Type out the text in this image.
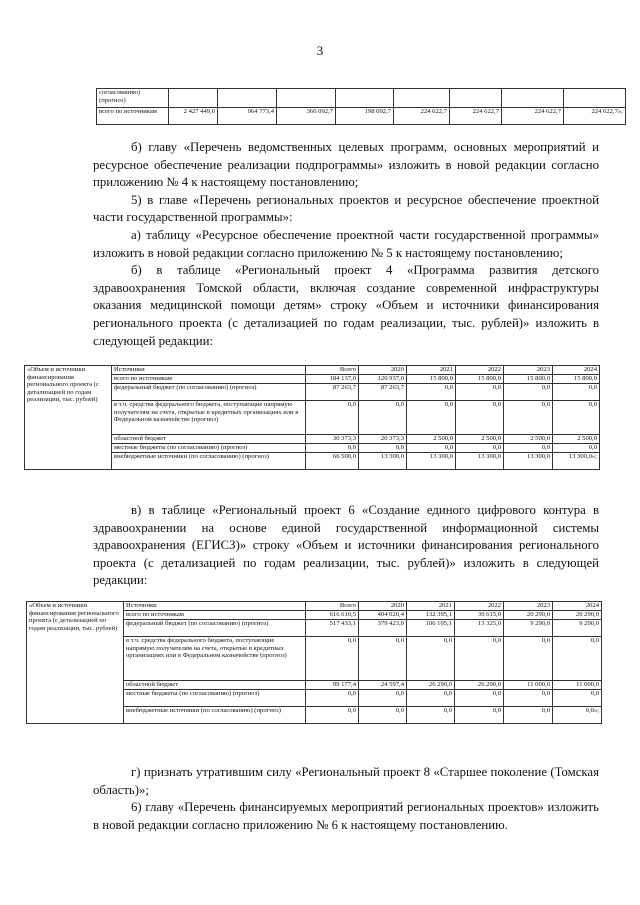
3
согласованию) (прогноз)								
всего по источникам	2 427 449,6	964 773,4	366 092,7	198 092,7	224 622,7	224 622,7	224 622,7	224 622,7»;

б) главу «Перечень ведомственных целевых программ, основных мероприятий и ресурсное обеспечение реализации подпрограммы» изложить в новой редакции согласно приложению № 4 к настоящему постановлению;

5) в главе «Перечень региональных проектов и ресурсное обеспечение проектной части государственной программы»:

а) таблицу «Ресурсное обеспечение проектной части государственной программы» изложить в новой редакции согласно приложению № 5 к настоящему постановлению;

б) в таблице «Региональный проект 4 «Программа развития детского здравоохранения Томской области, включая создание современной инфраструктуры оказания медицинской помощи детям» строку «Объем и источники финансирования регионального проекта (с детализацией по годам реализации, тыс. рублей)» изложить в следующей редакции:

«Объем и источники финансирования регионального проекта (с детализацией по годам реализации, тыс. рублей)	Источники	Всего	2020	2021	2022	2023	2024
	всего по источникам	184 137,0	120 937,0	15 800,0	15 800,0	15 800,0	15 800,0
	федеральный бюджет (по согласованию) (прогноз)	87 263,7	87 263,7	0,0	0,0	0,0	0,0
	в т.ч. средства федерального бюджета, поступающие напрямую получателям на счета, открытые в кредитных организациях или в Федеральном казначействе (прогноз)	0,0	0,0	0,0	0,0	0,0	0,0
	областной бюджет	30 373,3	20 373,3	2 500,0	2 500,0	2 500,0	2 500,0
	местные бюджеты (по согласованию) (прогноз)	0,0	0,0	0,0	0,0	0,0	0,0
	внебюджетные источники (по согласованию) (прогноз)	66 500,0	13 300,0	13 300,0	13 300,0	13 300,0	13 300,0»;

в) в таблице «Региональный проект 6 «Создание единого цифрового контура в здравоохранении на основе единой государственной информационной системы здравоохранения (ЕГИСЗ)» строку «Объем и источники финансирования регионального проекта (с детализацией по годам реализации, тыс. рублей)» изложить в следующей редакции:

«Объем и источники финансирования регионального проекта (с детализацией по годам реализации, тыс. рублей)	Источники	Всего	2020	2021	2022	2023	2024
	всего по источникам	616 610,5	404 020,4	132 395,1	39 615,0	20 290,0	20 290,0
	федеральный бюджет (по согласованию) (прогноз)	517 433,1	379 423,0	106 105,1	13 325,0	9 290,0	9 290,0
	в т.ч. средства федерального бюджета, поступающие напрямую получателям на счета, открытые в кредитных организациях или в Федеральном казначействе (прогноз)	0,0	0,0	0,0	0,0	0,0	0,0
	областной бюджет	99 177,4	24 597,4	26 290,0	26 290,0	11 000,0	11 000,0
	местные бюджеты (по согласованию) (прогноз)	0,0	0,0	0,0	0,0	0,0	0,0
	внебюджетные источники (по согласованию) (прогноз)	0,0	0,0	0,0	0,0	0,0	0,0»;

г) признать утратившим силу «Региональный проект 8 «Старшее поколение (Томская область)»;

6) главу «Перечень финансируемых мероприятий региональных проектов» изложить в новой редакции согласно приложению № 6 к настоящему постановлению.
